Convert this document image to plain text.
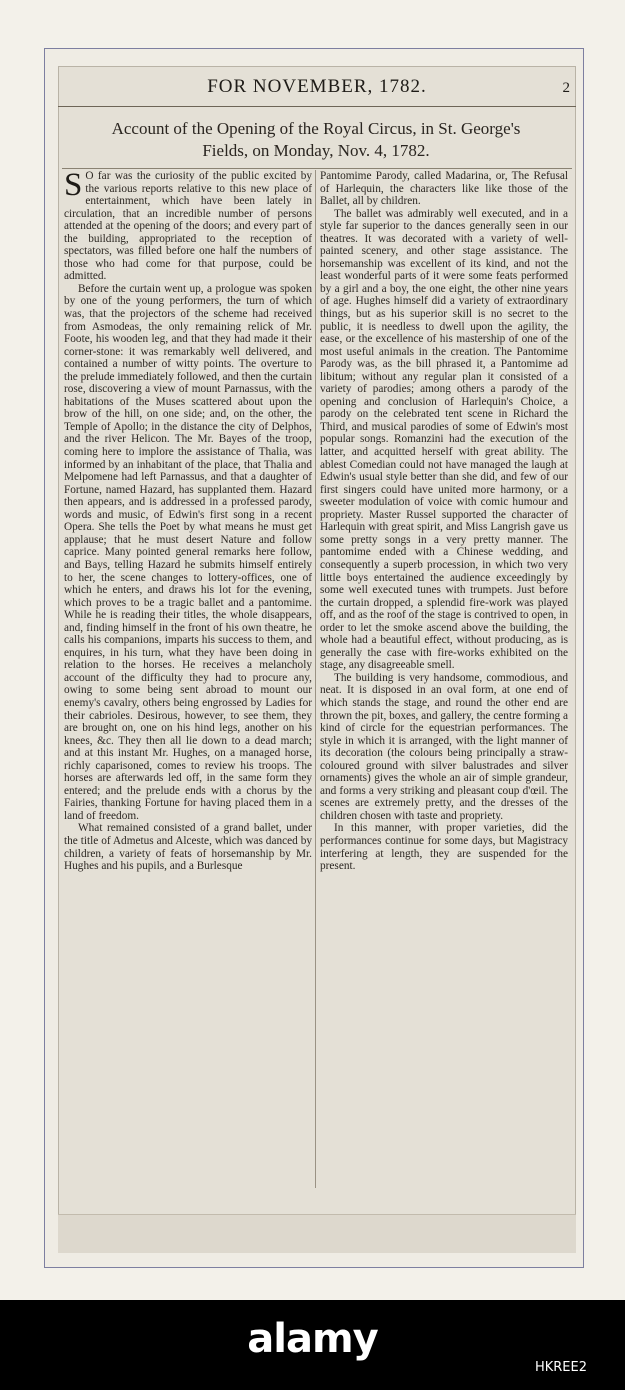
FOR NOVEMBER, 1782.	2
Account of the Opening of the Royal Circus, in St. George's
Fields, on Monday, Nov. 4, 1782.

S O far was the curiosity of the public excited by the various reports relative to this new place of entertainment, which have been lately in circulation, that an incredible number of persons attended at the opening of the doors; and every part of the building, appropriated to the reception of spectators, was filled before one half the numbers of those who had come for that purpose, could be admitted.

Before the curtain went up, a prologue was spoken by one of the young performers, the turn of which was, that the projectors of the scheme had received from Asmodeas, the only remaining relick of Mr. Foote, his wooden leg, and that they had made it their corner-stone: it was remarkably well delivered, and contained a number of witty points. The overture to the prelude immediately followed, and then the curtain rose, discovering a view of mount Parnassus, with the habitations of the Muses scattered about upon the brow of the hill, on one side; and, on the other, the Temple of Apollo; in the distance the city of Delphos, and the river Helicon. The Mr. Bayes of the troop, coming here to implore the assistance of Thalia, was informed by an inhabitant of the place, that Thalia and Melpomene had left Parnassus, and that a daughter of Fortune, named Hazard, has supplanted them. Hazard then appears, and is addressed in a professed parody, words and music, of Edwin's first song in a recent Opera. She tells the Poet by what means he must get applause; that he must desert Nature and follow caprice. Many pointed general remarks here follow, and Bays, telling Hazard he submits himself entirely to her, the scene changes to lottery-offices, one of which he enters, and draws his lot for the evening, which proves to be a tragic ballet and a pantomime. While he is reading their titles, the whole disappears, and, finding himself in the front of his own theatre, he calls his companions, imparts his success to them, and enquires, in his turn, what they have been doing in relation to the horses. He receives a melancholy account of the difficulty they had to procure any, owing to some being sent abroad to mount our enemy's cavalry, others being engrossed by Ladies for their cabrioles. Desirous, however, to see them, they are brought on, one on his hind legs, another on his knees, &c. They then all lie down to a dead march; and at this instant Mr. Hughes, on a managed horse, richly caparisoned, comes to review his troops. The horses are afterwards led off, in the same form they entered; and the prelude ends with a chorus by the Fairies, thanking Fortune for having placed them in a land of freedom.

What remained consisted of a grand ballet, under the title of Admetus and Alceste, which was danced by children, a variety of feats of horsemanship by Mr. Hughes and his pupils, and a Burlesque

Pantomime Parody, called Madarina, or, The Refusal of Harlequin, the characters like like those of the Ballet, all by children.

The ballet was admirably well executed, and in a style far superior to the dances generally seen in our theatres. It was decorated with a variety of well-painted scenery, and other stage assistance. The horsemanship was excellent of its kind, and not the least wonderful parts of it were some feats performed by a girl and a boy, the one eight, the other nine years of age. Hughes himself did a variety of extraordinary things, but as his superior skill is no secret to the public, it is needless to dwell upon the agility, the ease, or the excellence of his mastership of one of the most useful animals in the creation. The Pantomime Parody was, as the bill phrased it, a Pantomime ad libitum; without any regular plan it consisted of a variety of parodies; among others a parody of the opening and conclusion of Harlequin's Choice, a parody on the celebrated tent scene in Richard the Third, and musical parodies of some of Edwin's most popular songs. Romanzini had the execution of the latter, and acquitted herself with great ability. The ablest Comedian could not have managed the laugh at Edwin's usual style better than she did, and few of our first singers could have united more harmony, or a sweeter modulation of voice with comic humour and propriety. Master Russel supported the character of Harlequin with great spirit, and Miss Langrish gave us some pretty songs in a very pretty manner. The pantomime ended with a Chinese wedding, and consequently a superb procession, in which two very little boys entertained the audience exceedingly by some well executed tunes with trumpets. Just before the curtain dropped, a splendid fire-work was played off, and as the roof of the stage is contrived to open, in order to let the smoke ascend above the building, the whole had a beautiful effect, without producing, as is generally the case with fire-works exhibited on the stage, any disagreeable smell.

The building is very handsome, commodious, and neat. It is disposed in an oval form, at one end of which stands the stage, and round the other end are thrown the pit, boxes, and gallery, the centre forming a kind of circle for the equestrian performances. The style in which it is arranged, with the light manner of its decoration (the colours being principally a straw-coloured ground with silver balustrades and silver ornaments) gives the whole an air of simple grandeur, and forms a very striking and pleasant coup d'œil. The scenes are extremely pretty, and the dresses of the children chosen with taste and propriety.

In this manner, with proper varieties, did the performances continue for some days, but Magistracy interfering at length, they are suspended for the present.

alamy
HKREE2
